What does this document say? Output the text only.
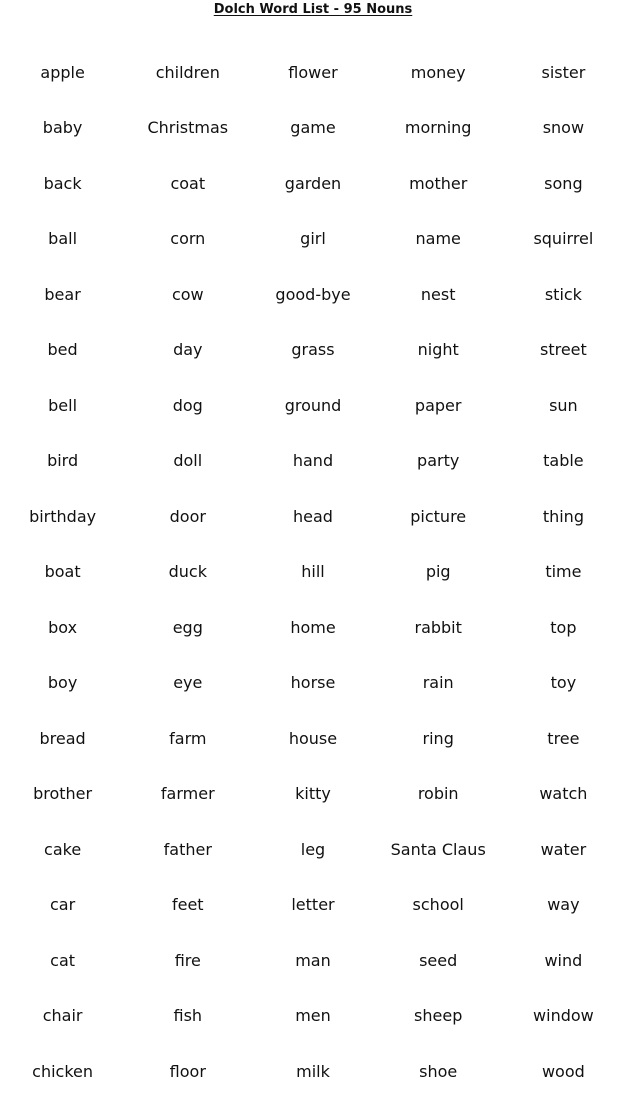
Dolch Word List - 95 Nouns
apple	children	flower	money	sister
baby	Christmas	game	morning	snow
back	coat	garden	mother	song
ball	corn	girl	name	squirrel
bear	cow	good-bye	nest	stick
bed	day	grass	night	street
bell	dog	ground	paper	sun
bird	doll	hand	party	table
birthday	door	head	picture	thing
boat	duck	hill	pig	time
box	egg	home	rabbit	top
boy	eye	horse	rain	toy
bread	farm	house	ring	tree
brother	farmer	kitty	robin	watch
cake	father	leg	Santa Claus	water
car	feet	letter	school	way
cat	fire	man	seed	wind
chair	fish	men	sheep	window
chicken	floor	milk	shoe	wood
